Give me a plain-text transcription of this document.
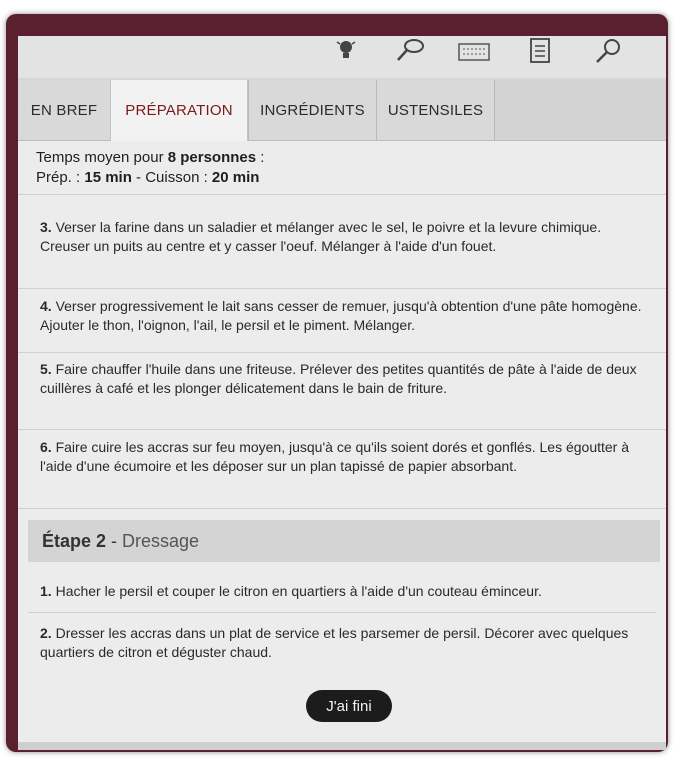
EN BREF PRÉPARATION INGRÉDIENTS USTENSILES
Temps moyen pour 8 personnes :
Prép. : 15 min - Cuisson : 20 min
3. Verser la farine dans un saladier et mélanger avec le sel, le poivre et la levure chimique. Creuser un puits au centre et y casser l'oeuf. Mélanger à l'aide d'un fouet.
4. Verser progressivement le lait sans cesser de remuer, jusqu'à obtention d'une pâte homogène. Ajouter le thon, l'oignon, l'ail, le persil et le piment. Mélanger.
5. Faire chauffer l'huile dans une friteuse. Prélever des petites quantités de pâte à l'aide de deux cuillères à café et les plonger délicatement dans le bain de friture.
6. Faire cuire les accras sur feu moyen, jusqu'à ce qu'ils soient dorés et gonflés. Les égoutter à l'aide d'une écumoire et les déposer sur un plan tapissé de papier absorbant.
Étape 2 - Dressage
1. Hacher le persil et couper le citron en quartiers à l'aide d'un couteau éminceur.
2. Dresser les accras dans un plat de service et les parsemer de persil. Décorer avec quelques quartiers de citron et déguster chaud.
J'ai fini
